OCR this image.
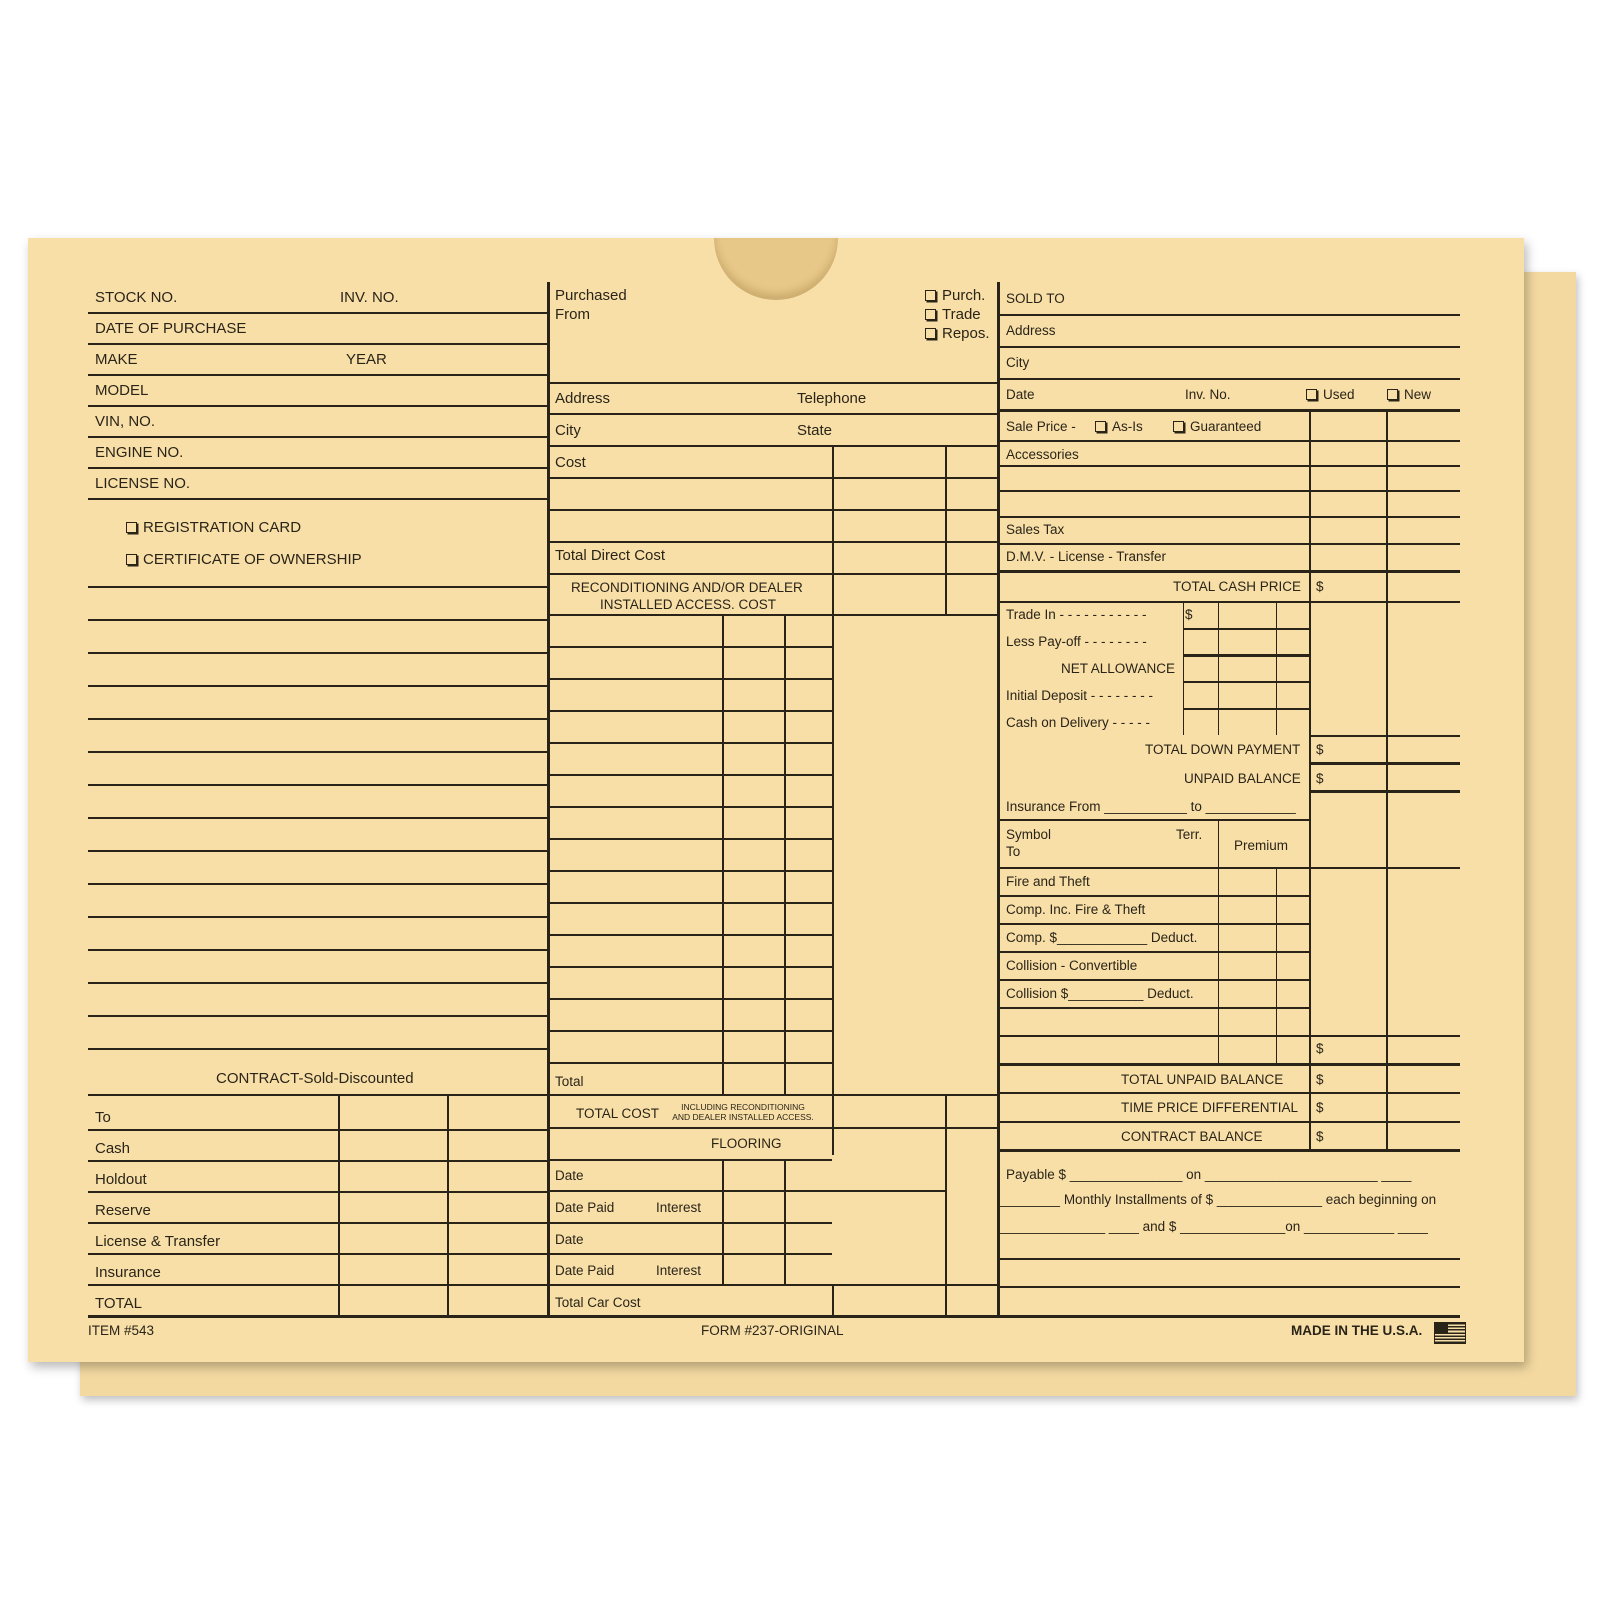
STOCK NO.	INV. NO.
DATE OF PURCHASE
MAKE	YEAR
MODEL
VIN, NO.
ENGINE NO.
LICENSE NO.
REGISTRATION CARD
CERTIFICATE OF OWNERSHIP
CONTRACT-Sold-Discounted
To
Cash
Holdout
Reserve
License & Transfer
Insurance
TOTAL
Purchased
From
Purch.
Trade
Repos.
Address	Telephone
City	State
Cost
Total Direct Cost
RECONDITIONING AND/OR DEALER
INSTALLED ACCESS. COST
Total
TOTAL COST	INCLUDING RECONDITIONING
AND DEALER INSTALLED ACCESS.
FLOORING
Date
Date Paid	Interest
Date
Date Paid	Interest
Total Car Cost
SOLD TO
Address
City
Date	Inv. No.	Used	New
Sale Price -	As-Is	Guaranteed
Accessories
Sales Tax
D.M.V. - License - Transfer
TOTAL CASH PRICE $
Trade In - - - - - - - - - - -	$
Less Pay-off - - - - - - - -
NET ALLOWANCE
Initial Deposit - - - - - - - -
Cash on Delivery - - - - -
TOTAL DOWN PAYMENT $
UNPAID BALANCE $
Insurance From ___________ to ____________
Symbol	Terr.
To	Premium
Fire and Theft
Comp. Inc. Fire & Theft
Comp. $____________ Deduct.
Collision - Convertible
Collision $__________ Deduct.
$
TOTAL UNPAID BALANCE $
TIME PRICE DIFFERENTIAL $
CONTRACT BALANCE	$
Payable $ _______________ on _______________________ ____
________ Monthly Installments of $ ______________ each beginning on
______________ ____ and $ ______________on ____________ ____
ITEM #543	FORM #237-ORIGINAL	MADE IN THE U.S.A.
